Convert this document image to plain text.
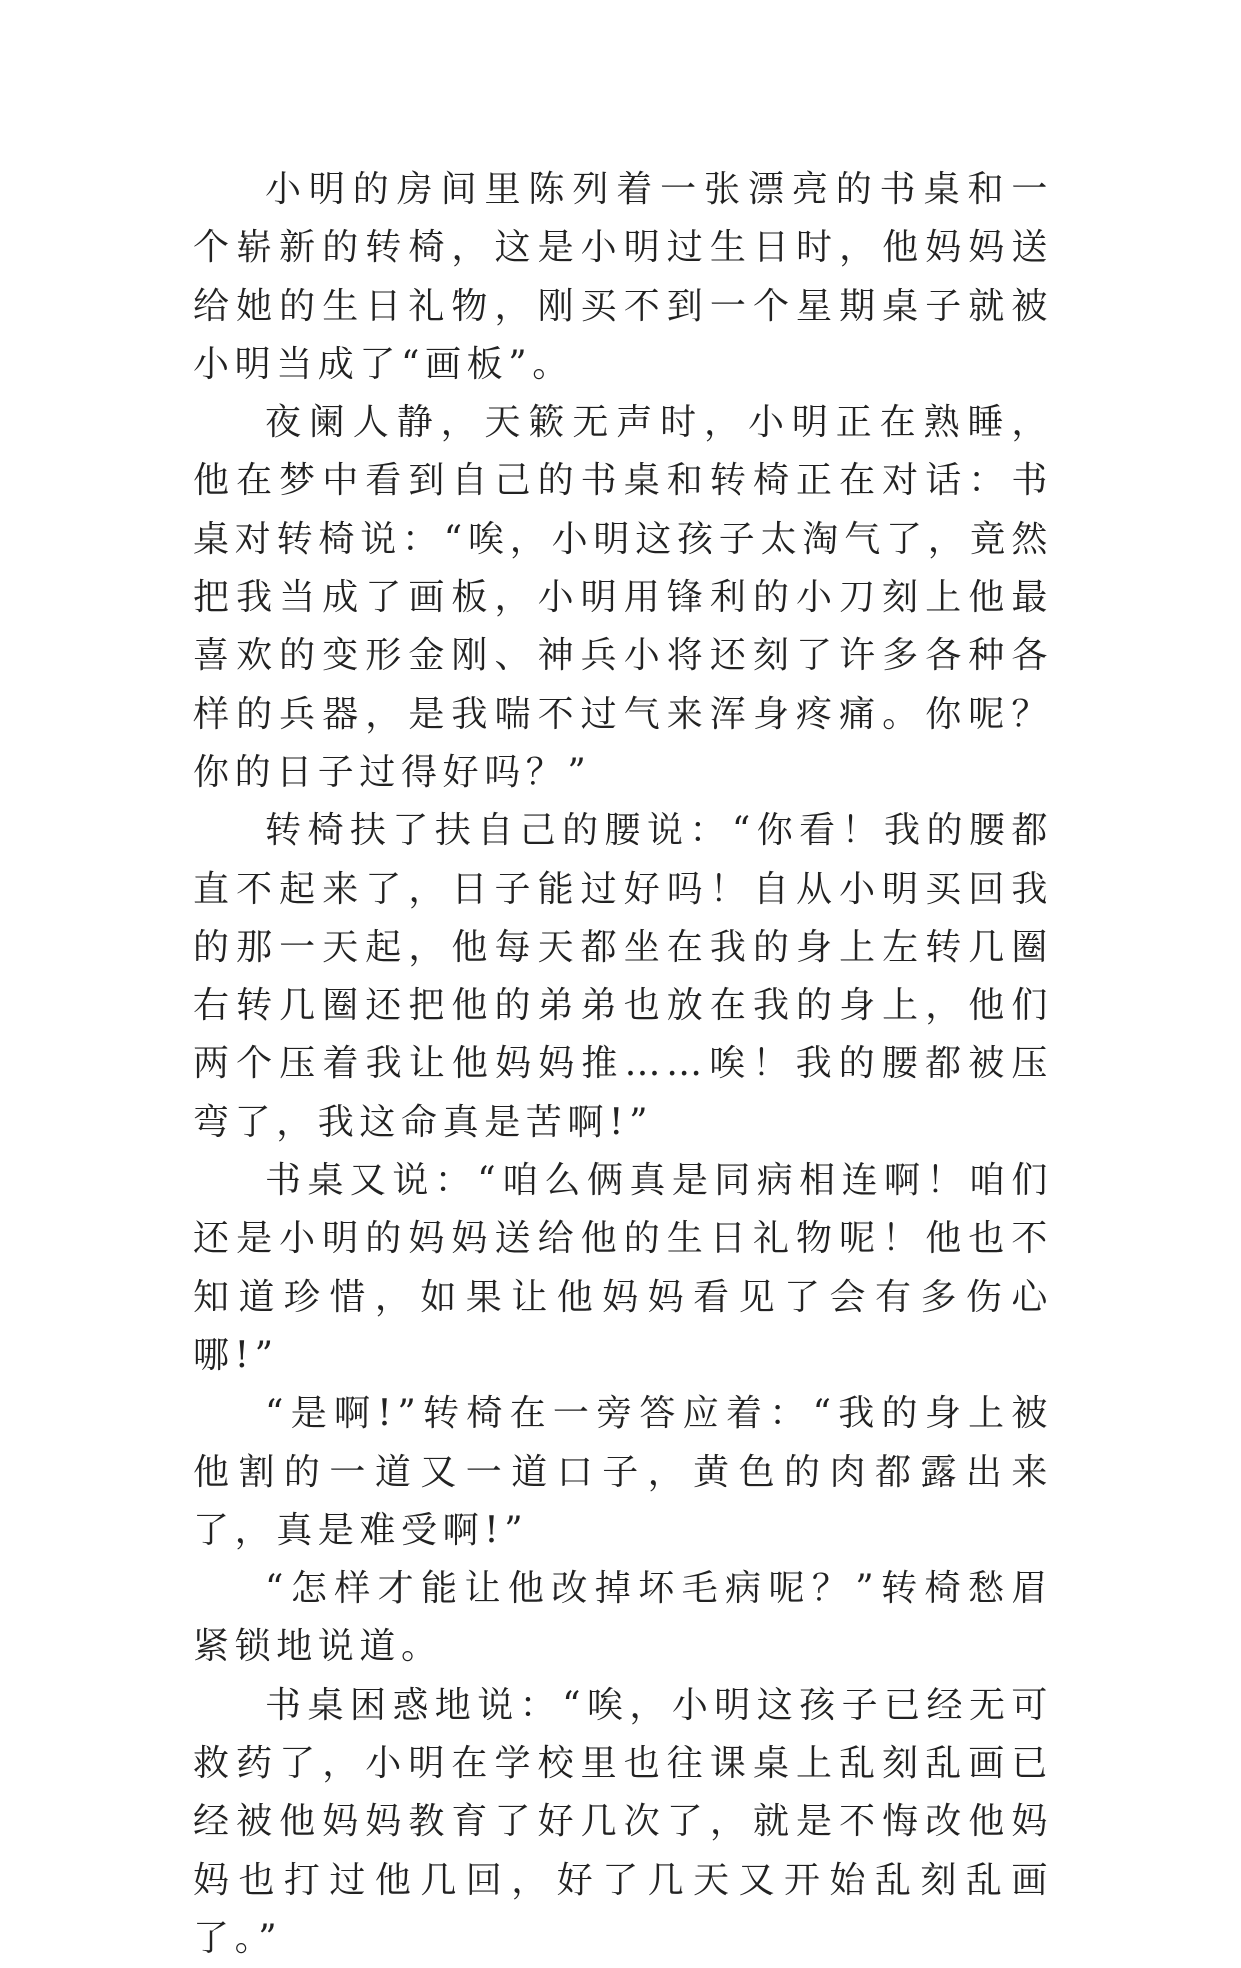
小明的房间里陈列着一张漂亮的书桌和一个崭新的转椅，这是小明过生日时，他妈妈送给她的生日礼物，刚买不到一个星期桌子就被小明当成了“画板”。

夜阑人静，天簌无声时，小明正在熟睡，他在梦中看到自己的书桌和转椅正在对话：书桌对转椅说：“唉，小明这孩子太淘气了，竟然把我当成了画板，小明用锋利的小刀刻上他最喜欢的变形金刚、神兵小将还刻了许多各种各样的兵器，是我喘不过气来浑身疼痛。你呢？你的日子过得好吗？”

转椅扶了扶自己的腰说：“你看！我的腰都直不起来了，日子能过好吗！自从小明买回我的那一天起，他每天都坐在我的身上左转几圈右转几圈还把他的弟弟也放在我的身上，他们两个压着我让他妈妈推……唉！我的腰都被压弯了，我这命真是苦啊!”

书桌又说：“咱么俩真是同病相连啊！咱们还是小明的妈妈送给他的生日礼物呢！他也不知道珍惜，如果让他妈妈看见了会有多伤心哪!”

“是啊!”转椅在一旁答应着：“我的身上被他割的一道又一道口子，黄色的肉都露出来了，真是难受啊!”

“怎样才能让他改掉坏毛病呢？”转椅愁眉紧锁地说道。

书桌困惑地说：“唉，小明这孩子已经无可救药了，小明在学校里也往课桌上乱刻乱画已经被他妈妈教育了好几次了，就是不悔改他妈妈也打过他几回，好了几天又开始乱刻乱画了。”
